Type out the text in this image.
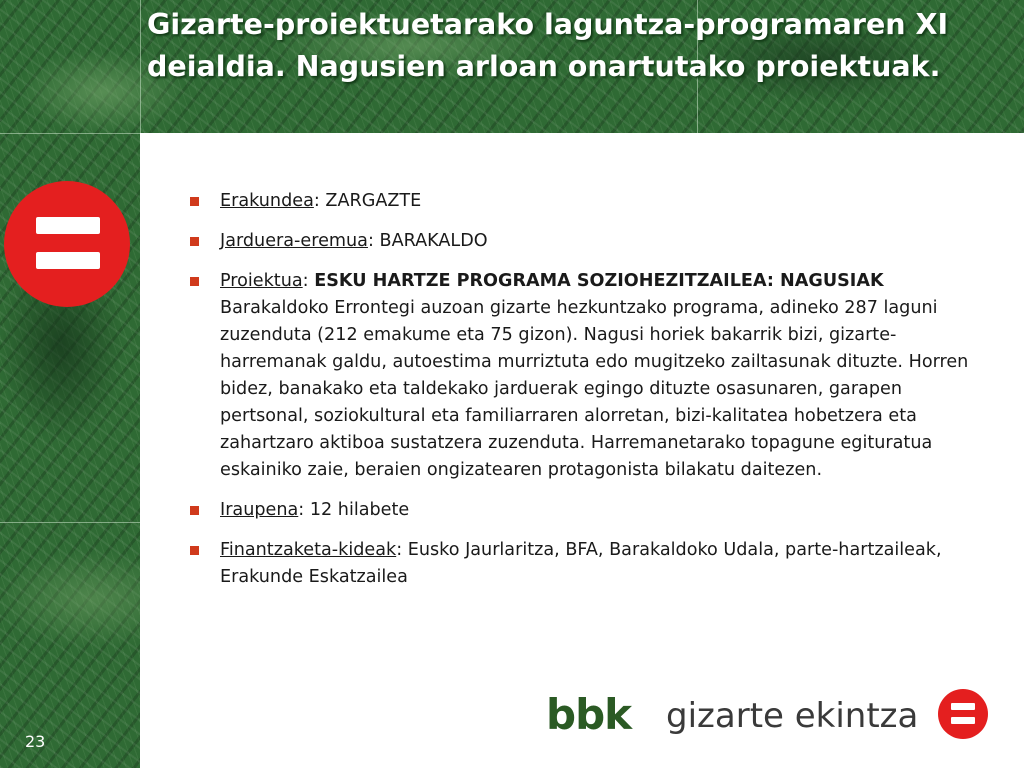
Gizarte-proiektuetarako laguntza-programaren XI deialdia. Nagusien arloan onartutako proiektuak.
23
Erakundea: ZARGAZTE
Jarduera-eremua: BARAKALDO
Proiektua: ESKU HARTZE PROGRAMA SOZIOHEZITZAILEA: NAGUSIAK
Barakaldoko Errontegi auzoan gizarte hezkuntzako programa, adineko 287 laguni zuzenduta (212 emakume eta 75 gizon). Nagusi horiek bakarrik bizi, gizarte-harremanak galdu, autoestima murriztuta edo mugitzeko zailtasunak dituzte. Horren bidez, banakako eta taldekako jarduerak egingo dituzte osasunaren, garapen pertsonal, soziokultural eta familiarraren alorretan, bizi-kalitatea hobetzera eta zahartzaro aktiboa sustatzera zuzenduta. Harremanetarako topagune egituratua eskainiko zaie, beraien ongizatearen protagonista bilakatu daitezen.
Iraupena: 12 hilabete
Finantzaketa-kideak: Eusko Jaurlaritza, BFA, Barakaldoko Udala, parte-hartzaileak, Erakunde Eskatzailea
bbk gizarte ekintza
